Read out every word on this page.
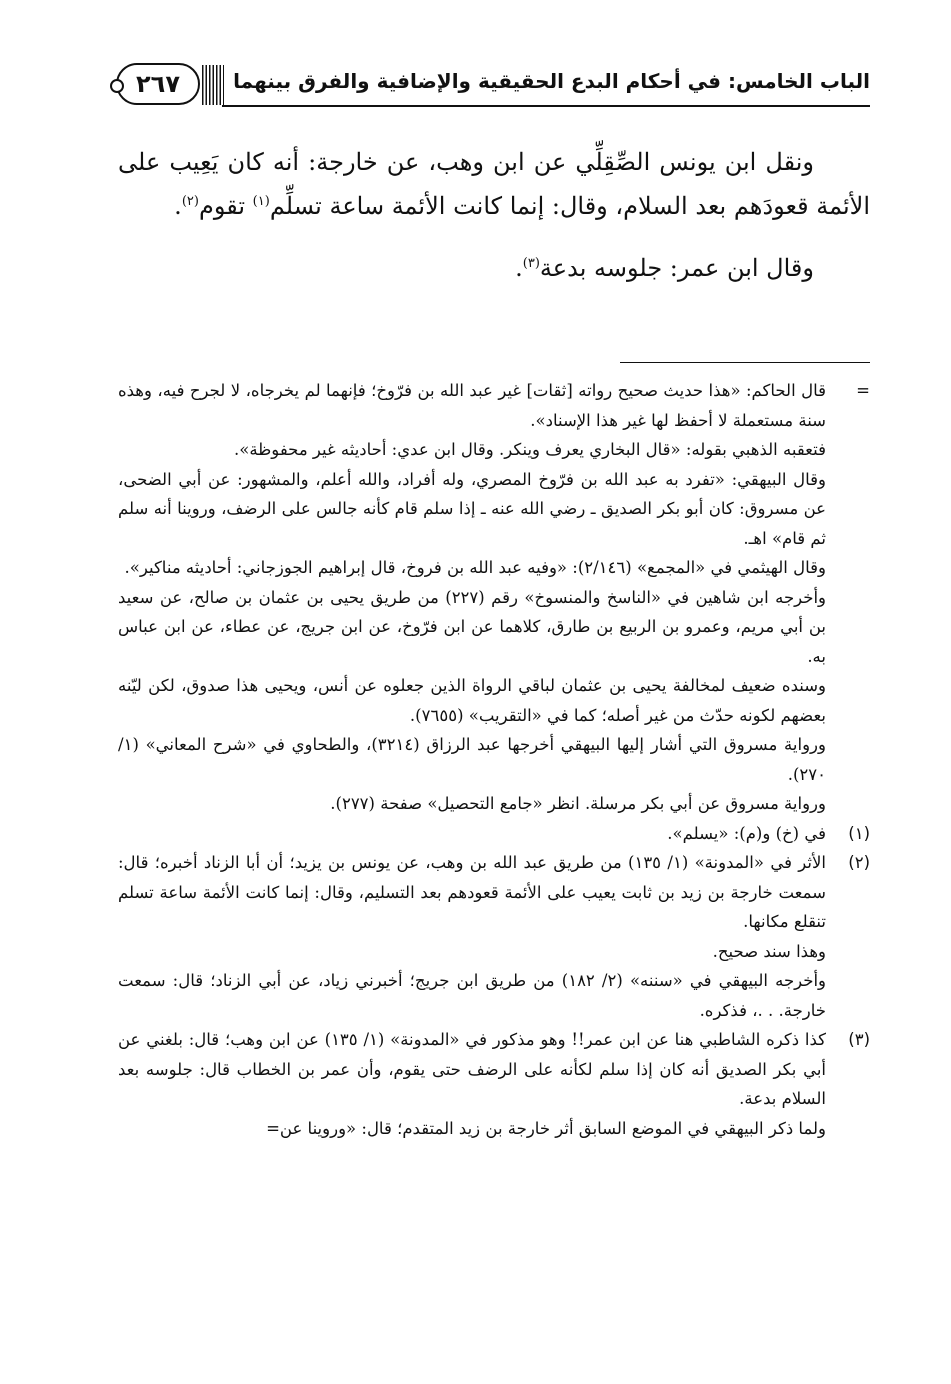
٢٦٧	الباب الخامس: في أحكام البدع الحقيقية والإضافية والفرق بينهما

ونقل ابن يونس الصِّقِلِّي عن ابن وهب، عن خارجة: أنه كان يَعِيب على الأئمة قعودَهم بعد السلام، وقال: إنما كانت الأئمة ساعة تسلِّم$^{(١)}$ تقوم$^{(٢)}$.

وقال ابن عمر: جلوسه بدعة$^{(٣)}$.

=
قال الحاكم: «هذا حديث صحيح رواته [ثقات] غير عبد الله بن فرّوخ؛ فإنهما لم يخرجاه، لا لجرح فيه، وهذه سنة مستعملة لا أحفظ لها غير هذا الإسناد».
فتعقبه الذهبي بقوله: «قال البخاري يعرف وينكر. وقال ابن عدي: أحاديثه غير محفوظة».
وقال البيهقي: «تفرد به عبد الله بن فرّوخ المصري، وله أفراد، والله أعلم، والمشهور: عن أبي الضحى، عن مسروق: كان أبو بكر الصديق ـ رضي الله عنه ـ إذا سلم قام كأنه جالس على الرضف، وروينا أنه سلم ثم قام» اهـ.
وقال الهيثمي في «المجمع» (٢/١٤٦): «وفيه عبد الله بن فروخ، قال إبراهيم الجوزجاني: أحاديثه مناكير».
وأخرجه ابن شاهين في «الناسخ والمنسوخ» رقم (٢٢٧) من طريق يحيى بن عثمان بن صالح، عن سعيد بن أبي مريم، وعمرو بن الربيع بن طارق، كلاهما عن ابن فرّوخ، عن ابن جريج، عن عطاء، عن ابن عباس به.
وسنده ضعيف لمخالفة يحيى بن عثمان لباقي الرواة الذين جعلوه عن أنس، ويحيى هذا صدوق، لكن ليّنه بعضهم لكونه حدّث من غير أصله؛ كما في «التقريب» (٧٦٥٥).
ورواية مسروق التي أشار إليها البيهقي أخرجها عبد الرزاق (٣٢١٤)، والطحاوي في «شرح المعاني» (١/ ٢٧٠).
ورواية مسروق عن أبي بكر مرسلة. انظر «جامع التحصيل» صفحة (٢٧٧).
(١)
في (خ) و(م): «يسلم».
(٢)
الأثر في «المدونة» (١/ ١٣٥) من طريق عبد الله بن وهب، عن يونس بن يزيد؛ أن أبا الزناد أخبره؛ قال: سمعت خارجة بن زيد بن ثابت يعيب على الأئمة قعودهم بعد التسليم، وقال: إنما كانت الأئمة ساعة تسلم تنقلع مكانها.
وهذا سند صحيح.
وأخرجه البيهقي في «سننه» (٢/ ١٨٢) من طريق ابن جريج؛ أخبرني زياد، عن أبي الزناد؛ قال: سمعت خارجة. . .، فذكره.
(٣)
كذا ذكره الشاطبي هنا عن ابن عمر!! وهو مذكور في «المدونة» (١/ ١٣٥) عن ابن وهب؛ قال: بلغني عن أبي بكر الصديق أنه كان إذا سلم لكأنه على الرضف حتى يقوم، وأن عمر بن الخطاب قال: جلوسه بعد السلام بدعة.
ولما ذكر البيهقي في الموضع السابق أثر خارجة بن زيد المتقدم؛ قال: «وروينا عن=
